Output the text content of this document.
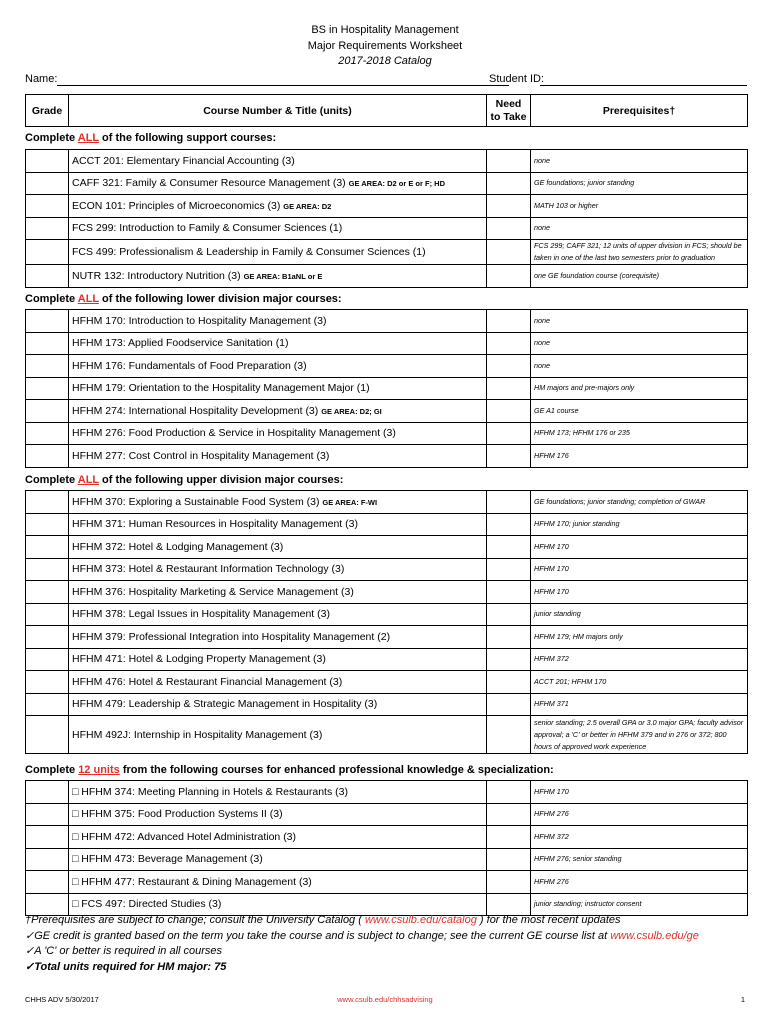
BS in Hospitality Management
Major Requirements Worksheet
2017-2018 Catalog
Name:	Student ID:
Grade	Course Number & Title (units)	Need to Take	Prerequisites†
Complete ALL of the following support courses:
	ACCT 201: Elementary Financial Accounting (3)		none
	CAFF 321: Family & Consumer Resource Management (3) GE AREA: D2 or E or F; HD		GE foundations; junior standing
	ECON 101: Principles of Microeconomics (3) GE AREA: D2		MATH 103 or higher
	FCS 299: Introduction to Family & Consumer Sciences (1)		none
	FCS 499: Professionalism & Leadership in Family & Consumer Sciences (1)		FCS 299; CAFF 321; 12 units of upper division in FCS; should be taken in one of the last two semesters prior to graduation
	NUTR 132: Introductory Nutrition (3) GE AREA: B1aNL or E		one GE foundation course (corequisite)
Complete ALL of the following lower division major courses:
	HFHM 170: Introduction to Hospitality Management (3)		none
	HFHM 173: Applied Foodservice Sanitation (1)		none
	HFHM 176: Fundamentals of Food Preparation (3)		none
	HFHM 179: Orientation to the Hospitality Management Major (1)		HM majors and pre-majors only
	HFHM 274: International Hospitality Development (3) GE AREA: D2; GI		GE A1 course
	HFHM 276: Food Production & Service in Hospitality Management (3)		HFHM 173; HFHM 176 or 235
	HFHM 277: Cost Control in Hospitality Management (3)		HFHM 176
Complete ALL of the following upper division major courses:
	HFHM 370: Exploring a Sustainable Food System (3) GE AREA: F-WI		GE foundations; junior standing; completion of GWAR
	HFHM 371: Human Resources in Hospitality Management (3)		HFHM 170; junior standing
	HFHM 372: Hotel & Lodging Management (3)		HFHM 170
	HFHM 373: Hotel & Restaurant Information Technology (3)		HFHM 170
	HFHM 376: Hospitality Marketing & Service Management (3)		HFHM 170
	HFHM 378: Legal Issues in Hospitality Management (3)		junior standing
	HFHM 379: Professional Integration into Hospitality Management (2)		HFHM 179; HM majors only
	HFHM 471: Hotel & Lodging Property Management (3)		HFHM 372
	HFHM 476: Hotel & Restaurant Financial Management (3)		ACCT 201; HFHM 170
	HFHM 479: Leadership & Strategic Management in Hospitality (3)		HFHM 371
	HFHM 492J: Internship in Hospitality Management (3)		senior standing; 2.5 overall GPA or 3.0 major GPA; faculty advisor approval; a 'C' or better in HFHM 379 and in 276 or 372; 800 hours of approved work experience
Complete 12 units from the following courses for enhanced professional knowledge & specialization:
	□ HFHM 374: Meeting Planning in Hotels & Restaurants (3)		HFHM 170
	□ HFHM 375: Food Production Systems II (3)		HFHM 276
	□ HFHM 472: Advanced Hotel Administration (3)		HFHM 372
	□ HFHM 473: Beverage Management (3)		HFHM 276; senior standing
	□ HFHM 477: Restaurant & Dining Management (3)		HFHM 276
	□ FCS 497: Directed Studies (3)		junior standing; instructor consent
†Prerequisites are subject to change; consult the University Catalog ( www.csulb.edu/catalog ) for the most recent updates
✓GE credit is granted based on the term you take the course and is subject to change; see the current GE course list at www.csulb.edu/ge
✓A 'C' or better is required in all courses
✓Total units required for HM major: 75
CHHS ADV 5/30/2017	www.csulb.edu/chhsadvising	1
